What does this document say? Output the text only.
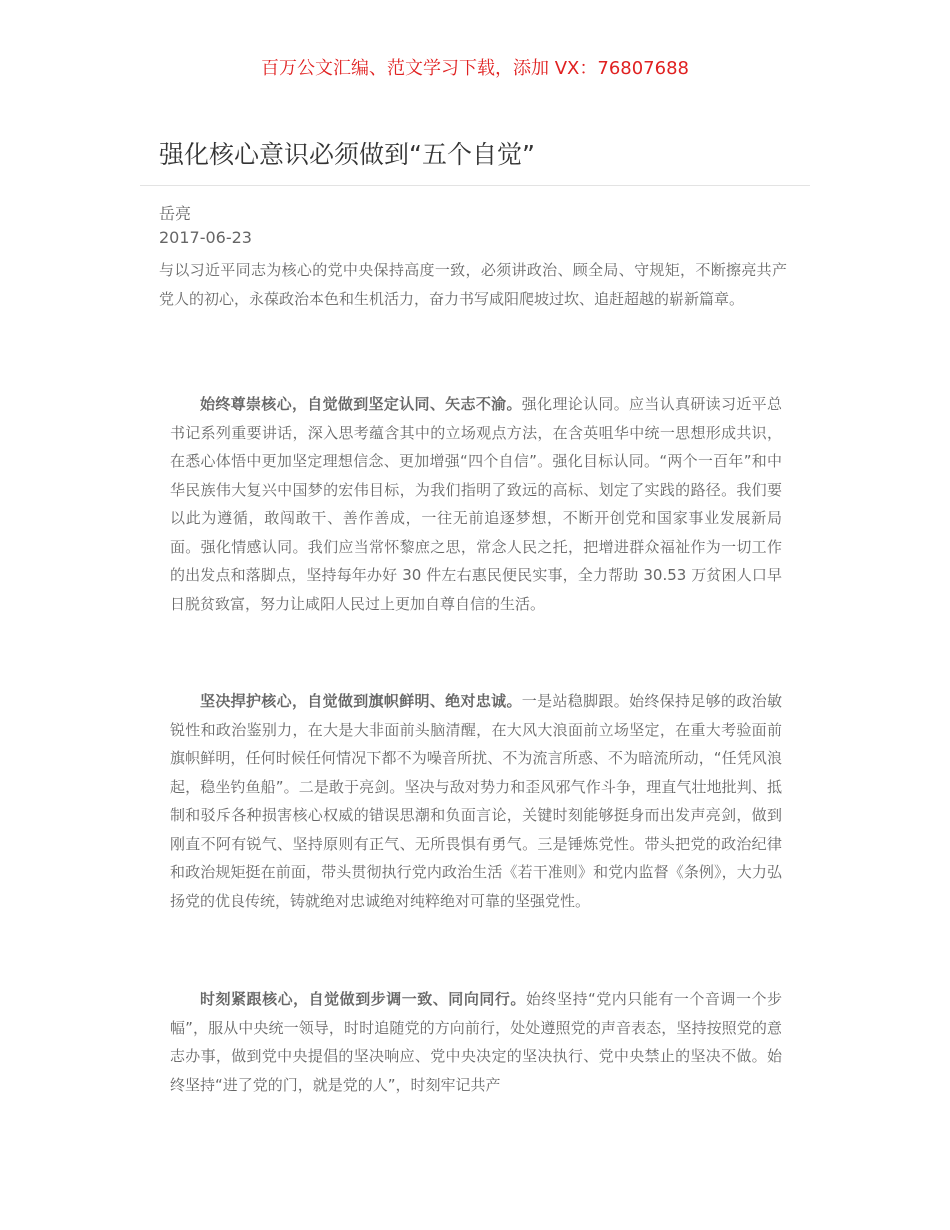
百万公文汇编、范文学习下载，添加 VX：76807688
强化核心意识必须做到“五个自觉”
岳亮
2017-06-23

与以习近平同志为核心的党中央保持高度一致，必须讲政治、顾全局、守规矩，不断擦亮共产党人的初心，永葆政治本色和生机活力，奋力书写咸阳爬坡过坎、追赶超越的崭新篇章。

始终尊崇核心，自觉做到坚定认同、矢志不渝。强化理论认同。应当认真研读习近平总书记系列重要讲话，深入思考蕴含其中的立场观点方法，在含英咀华中统一思想形成共识，在悉心体悟中更加坚定理想信念、更加增强“四个自信”。强化目标认同。“两个一百年”和中华民族伟大复兴中国梦的宏伟目标，为我们指明了致远的高标、划定了实践的路径。我们要以此为遵循，敢闯敢干、善作善成，一往无前追逐梦想，不断开创党和国家事业发展新局面。强化情感认同。我们应当常怀黎庶之思，常念人民之托，把增进群众福祉作为一切工作的出发点和落脚点，坚持每年办好 30 件左右惠民便民实事，全力帮助 30.53 万贫困人口早日脱贫致富，努力让咸阳人民过上更加自尊自信的生活。

坚决捍护核心，自觉做到旗帜鲜明、绝对忠诚。一是站稳脚跟。始终保持足够的政治敏锐性和政治鉴别力，在大是大非面前头脑清醒，在大风大浪面前立场坚定，在重大考验面前旗帜鲜明，任何时候任何情况下都不为噪音所扰、不为流言所惑、不为暗流所动，“任凭风浪起，稳坐钓鱼船”。二是敢于亮剑。坚决与敌对势力和歪风邪气作斗争，理直气壮地批判、抵制和驳斥各种损害核心权威的错误思潮和负面言论，关键时刻能够挺身而出发声亮剑，做到刚直不阿有锐气、坚持原则有正气、无所畏惧有勇气。三是锤炼党性。带头把党的政治纪律和政治规矩挺在前面，带头贯彻执行党内政治生活《若干准则》和党内监督《条例》，大力弘扬党的优良传统，铸就绝对忠诚绝对纯粹绝对可靠的坚强党性。

时刻紧跟核心，自觉做到步调一致、同向同行。始终坚持“党内只能有一个音调一个步幅”，服从中央统一领导，时时追随党的方向前行，处处遵照党的声音表态，坚持按照党的意志办事，做到党中央提倡的坚决响应、党中央决定的坚决执行、党中央禁止的坚决不做。始终坚持“进了党的门，就是党的人”，时刻牢记共产
